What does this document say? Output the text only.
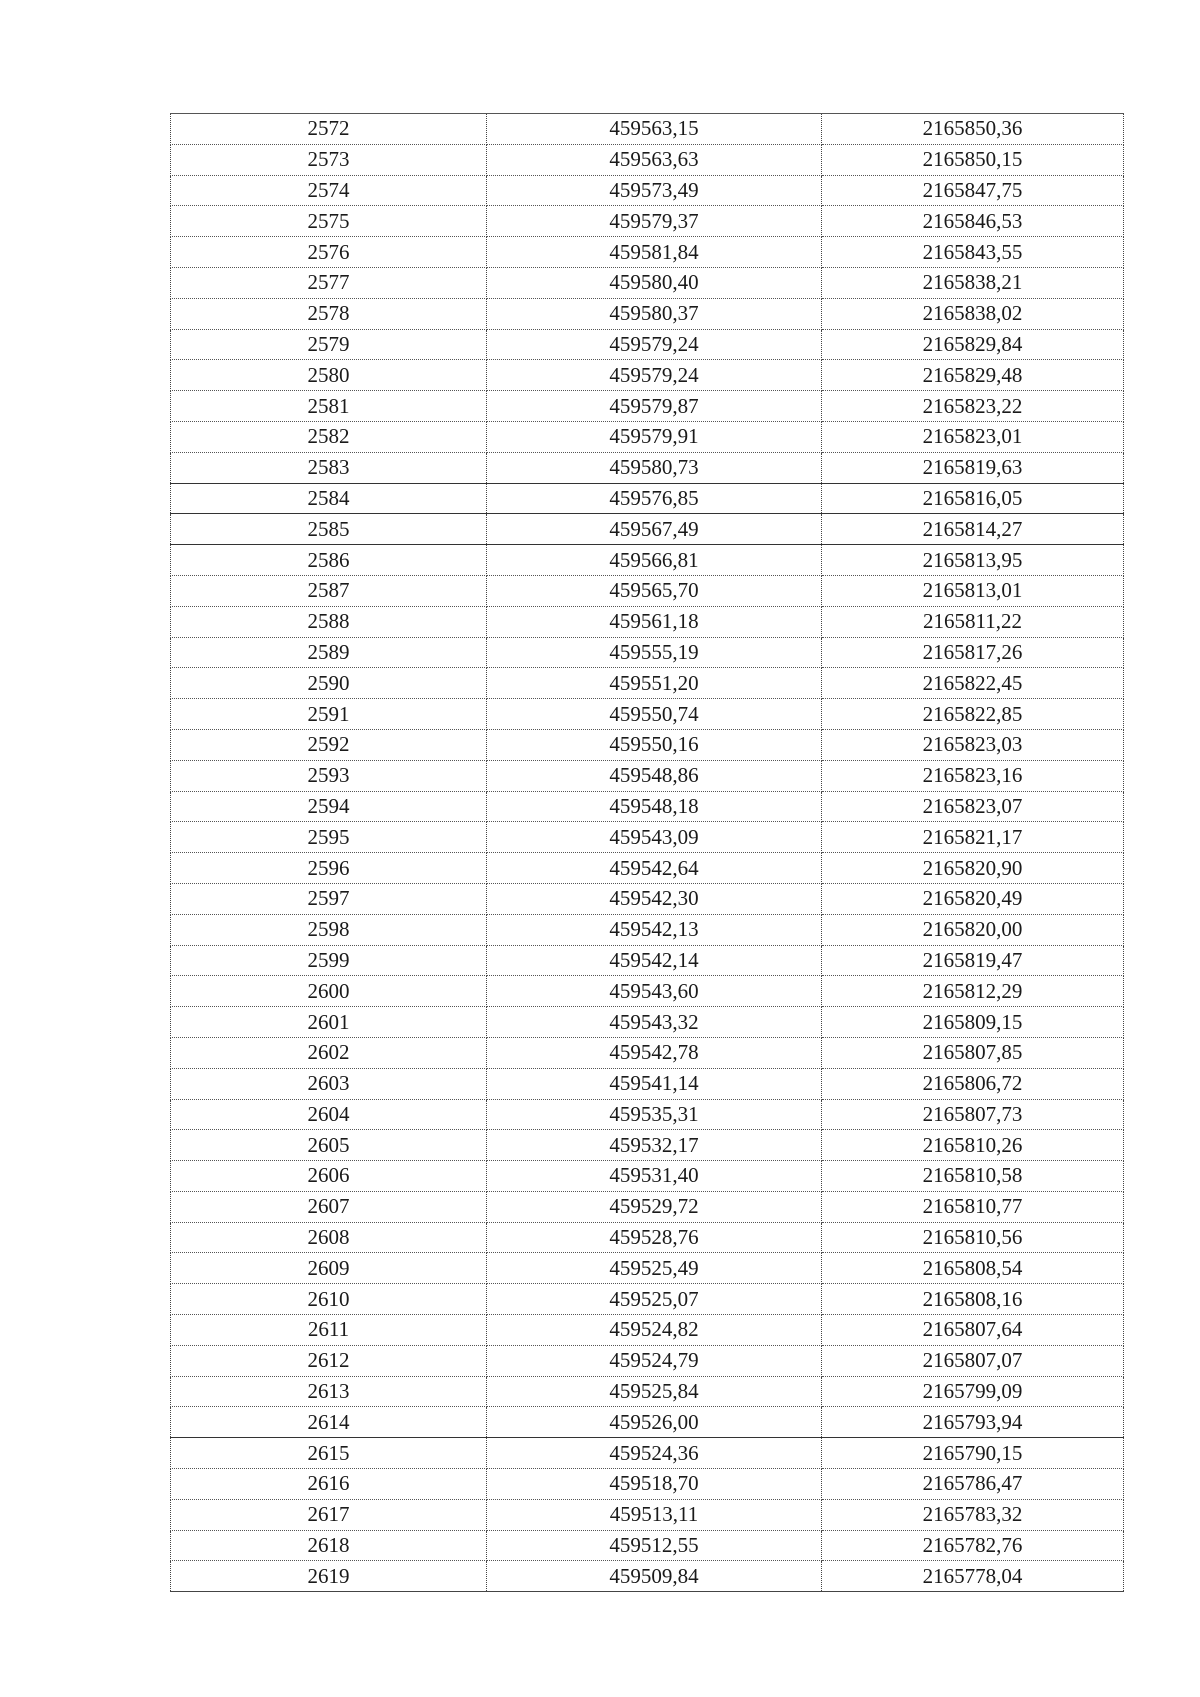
2572	459563,15	2165850,36
2573	459563,63	2165850,15
2574	459573,49	2165847,75
2575	459579,37	2165846,53
2576	459581,84	2165843,55
2577	459580,40	2165838,21
2578	459580,37	2165838,02
2579	459579,24	2165829,84
2580	459579,24	2165829,48
2581	459579,87	2165823,22
2582	459579,91	2165823,01
2583	459580,73	2165819,63
2584	459576,85	2165816,05
2585	459567,49	2165814,27
2586	459566,81	2165813,95
2587	459565,70	2165813,01
2588	459561,18	2165811,22
2589	459555,19	2165817,26
2590	459551,20	2165822,45
2591	459550,74	2165822,85
2592	459550,16	2165823,03
2593	459548,86	2165823,16
2594	459548,18	2165823,07
2595	459543,09	2165821,17
2596	459542,64	2165820,90
2597	459542,30	2165820,49
2598	459542,13	2165820,00
2599	459542,14	2165819,47
2600	459543,60	2165812,29
2601	459543,32	2165809,15
2602	459542,78	2165807,85
2603	459541,14	2165806,72
2604	459535,31	2165807,73
2605	459532,17	2165810,26
2606	459531,40	2165810,58
2607	459529,72	2165810,77
2608	459528,76	2165810,56
2609	459525,49	2165808,54
2610	459525,07	2165808,16
2611	459524,82	2165807,64
2612	459524,79	2165807,07
2613	459525,84	2165799,09
2614	459526,00	2165793,94
2615	459524,36	2165790,15
2616	459518,70	2165786,47
2617	459513,11	2165783,32
2618	459512,55	2165782,76
2619	459509,84	2165778,04
